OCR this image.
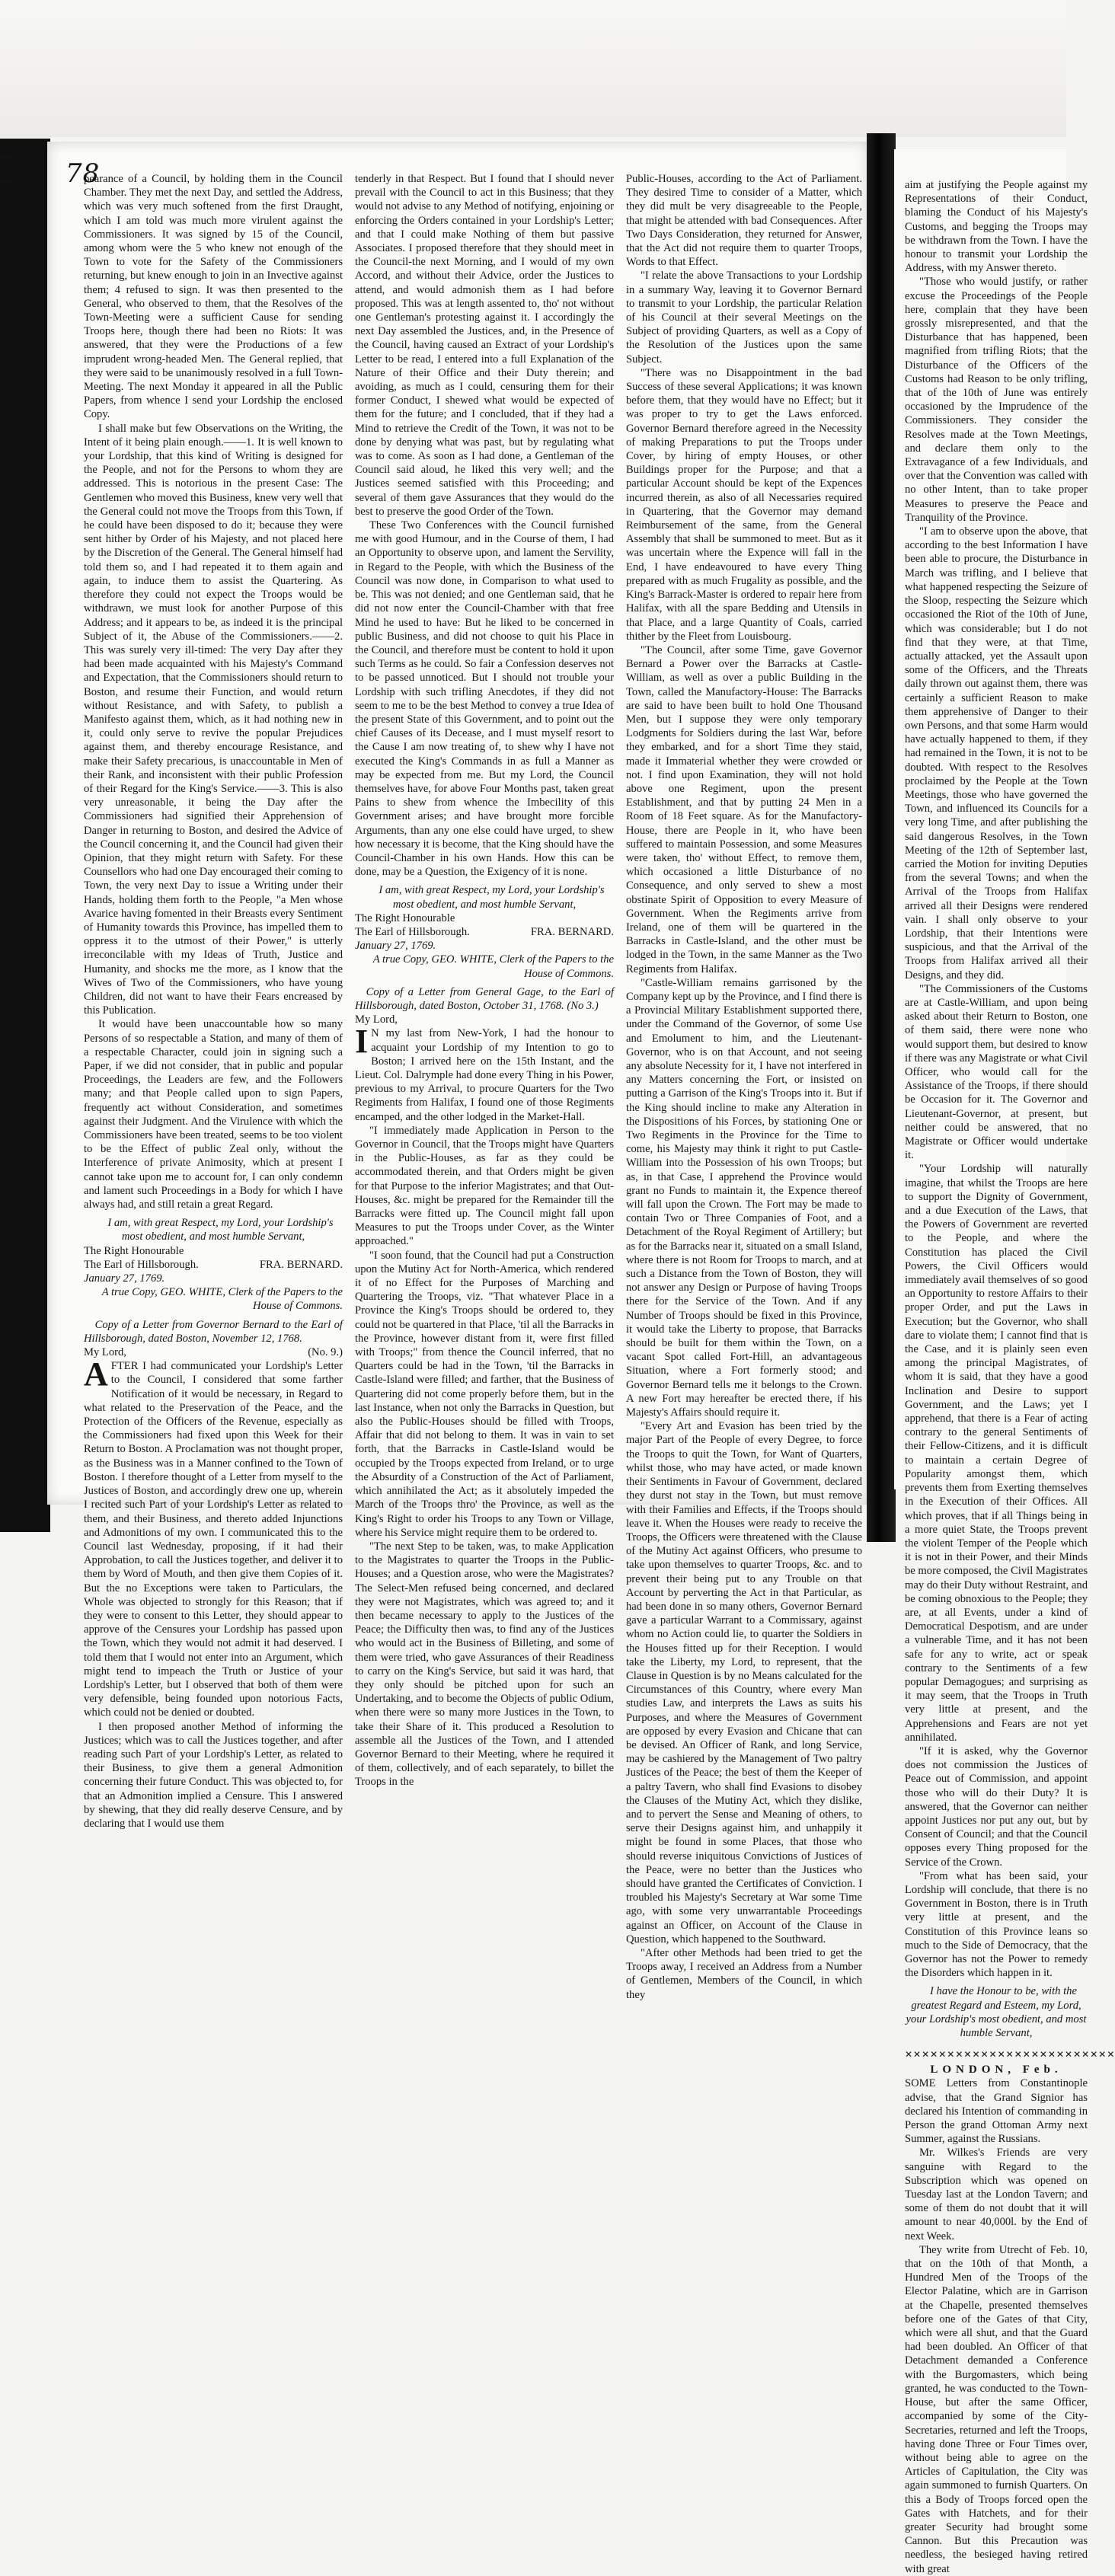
78

pearance of a Council, by holding them in the Council Chamber. They met the next Day, and settled the Address, which was very much softened from the first Draught, which I am told was much more virulent against the Commissioners. It was signed by 15 of the Council, among whom were the 5 who knew not enough of the Town to vote for the Safety of the Commissioners returning, but knew enough to join in an Invective against them; 4 refused to sign. It was then presented to the General, who observed to them, that the Resolves of the Town-Meeting were a sufficient Cause for sending Troops here, though there had been no Riots: It was answered, that they were the Productions of a few imprudent wrong-headed Men. The General replied, that they were said to be unanimously resolved in a full Town-Meeting. The next Monday it appeared in all the Public Papers, from whence I send your Lordship the enclosed Copy.

I shall make but few Observations on the Writing, the Intent of it being plain enough.——1. It is well known to your Lordship, that this kind of Writing is designed for the People, and not for the Persons to whom they are addressed. This is notorious in the present Case: The Gentlemen who moved this Business, knew very well that the General could not move the Troops from this Town, if he could have been disposed to do it; because they were sent hither by Order of his Majesty, and not placed here by the Discretion of the General. The General himself had told them so, and I had repeated it to them again and again, to induce them to assist the Quartering. As therefore they could not expect the Troops would be withdrawn, we must look for another Purpose of this Address; and it appears to be, as indeed it is the principal Subject of it, the Abuse of the Commissioners.——2. This was surely very ill-timed: The very Day after they had been made acquainted with his Majesty's Command and Expectation, that the Commissioners should return to Boston, and resume their Function, and would return without Resistance, and with Safety, to publish a Manifesto against them, which, as it had nothing new in it, could only serve to revive the popular Prejudices against them, and thereby encourage Resistance, and make their Safety precarious, is unaccountable in Men of their Rank, and inconsistent with their public Profession of their Regard for the King's Service.——3. This is also very unreasonable, it being the Day after the Commissioners had signified their Apprehension of Danger in returning to Boston, and desired the Advice of the Council concerning it, and the Council had given their Opinion, that they might return with Safety. For these Counsellors who had one Day encouraged their coming to Town, the very next Day to issue a Writing under their Hands, holding them forth to the People, "a Men whose Avarice having fomented in their Breasts every Sentiment of Humanity towards this Province, has impelled them to oppress it to the utmost of their Power," is utterly irreconcilable with my Ideas of Truth, Justice and Humanity, and shocks me the more, as I know that the Wives of Two of the Commissioners, who have young Children, did not want to have their Fears encreased by this Publication.

It would have been unaccountable how so many Persons of so respectable a Station, and many of them of a respectable Character, could join in signing such a Paper, if we did not consider, that in public and popular Proceedings, the Leaders are few, and the Followers many; and that People called upon to sign Papers, frequently act without Consideration, and sometimes against their Judgment. And the Virulence with which the Commissioners have been treated, seems to be too violent to be the Effect of public Zeal only, without the Interference of private Animosity, which at present I cannot take upon me to account for, I can only condemn and lament such Proceedings in a Body for which I have always had, and still retain a great Regard.

I am, with great Respect, my Lord, your Lordship's most obedient, and most humble Servant,

The Right Honourable

The Earl of Hillsborough.	FRA. BERNARD.

January 27, 1769.

A true Copy, GEO. WHITE, Clerk of the Papers to the House of Commons.

Copy of a Letter from Governor Bernard to the Earl of Hillsborough, dated Boston, November 12, 1768.

My Lord,	(No. 9.)

AFTER I had communicated your Lordship's Letter to the Council, I considered that some farther Notification of it would be necessary, in Regard to what related to the Preservation of the Peace, and the Protection of the Officers of the Revenue, especially as the Commissioners had fixed upon this Week for their Return to Boston. A Proclamation was not thought proper, as the Business was in a Manner confined to the Town of Boston. I therefore thought of a Letter from myself to the Justices of Boston, and accordingly drew one up, wherein I recited such Part of your Lordship's Letter as related to them, and their Business, and thereto added Injunctions and Admonitions of my own. I communicated this to the Council last Wednesday, proposing, if it had their Approbation, to call the Justices together, and deliver it to them by Word of Mouth, and then give them Copies of it. But the no Exceptions were taken to Particulars, the Whole was objected to strongly for this Reason; that if they were to consent to this Letter, they should appear to approve of the Censures your Lordship has passed upon the Town, which they would not admit it had deserved. I told them that I would not enter into an Argument, which might tend to impeach the Truth or Justice of your Lordship's Letter, but I observed that both of them were very defensible, being founded upon notorious Facts, which could not be denied or doubted.

I then proposed another Method of informing the Justices; which was to call the Justices together, and after reading such Part of your Lordship's Letter, as related to their Business, to give them a general Admonition concerning their future Conduct. This was objected to, for that an Admonition implied a Censure. This I answered by shewing, that they did really deserve Censure, and by declaring that I would use them

tenderly in that Respect. But I found that I should never prevail with the Council to act in this Business; that they would not advise to any Method of notifying, enjoining or enforcing the Orders contained in your Lordship's Letter; and that I could make Nothing of them but passive Associates. I proposed therefore that they should meet in the Council-the next Morning, and I would of my own Accord, and without their Advice, order the Justices to attend, and would admonish them as I had before proposed. This was at length assented to, tho' not without one Gentleman's protesting against it. I accordingly the next Day assembled the Justices, and, in the Presence of the Council, having caused an Extract of your Lordship's Letter to be read, I entered into a full Explanation of the Nature of their Office and their Duty therein; and avoiding, as much as I could, censuring them for their former Conduct, I shewed what would be expected of them for the future; and I concluded, that if they had a Mind to retrieve the Credit of the Town, it was not to be done by denying what was past, but by regulating what was to come. As soon as I had done, a Gentleman of the Council said aloud, he liked this very well; and the Justices seemed satisfied with this Proceeding; and several of them gave Assurances that they would do the best to preserve the good Order of the Town.

These Two Conferences with the Council furnished me with good Humour, and in the Course of them, I had an Opportunity to observe upon, and lament the Servility, in Regard to the People, with which the Business of the Council was now done, in Comparison to what used to be. This was not denied; and one Gentleman said, that he did not now enter the Council-Chamber with that free Mind he used to have: But he liked to be concerned in public Business, and did not choose to quit his Place in the Council, and therefore must be content to hold it upon such Terms as he could. So fair a Confession deserves not to be passed unnoticed. But I should not trouble your Lordship with such trifling Anecdotes, if they did not seem to me to be the best Method to convey a true Idea of the present State of this Government, and to point out the chief Causes of its Decease, and I must myself resort to the Cause I am now treating of, to shew why I have not executed the King's Commands in as full a Manner as may be expected from me. But my Lord, the Council themselves have, for above Four Months past, taken great Pains to shew from whence the Imbecility of this Government arises; and have brought more forcible Arguments, than any one else could have urged, to shew how necessary it is become, that the King should have the Council-Chamber in his own Hands. How this can be done, may be a Question, the Exigency of it is none.

I am, with great Respect, my Lord, your Lordship's most obedient, and most humble Servant,

The Right Honourable

The Earl of Hillsborough.	FRA. BERNARD.

January 27, 1769.

A true Copy, GEO. WHITE, Clerk of the Papers to the House of Commons.

Copy of a Letter from General Gage, to the Earl of Hillsborough, dated Boston, October 31, 1768. (No 3.)

My Lord,

I N my last from New-York, I had the honour to acquaint your Lordship of my Intention to go to Boston; I arrived here on the 15th Instant, and the Lieut. Col. Dalrymple had done every Thing in his Power, previous to my Arrival, to procure Quarters for the Two Regiments from Halifax, I found one of those Regiments encamped, and the other lodged in the Market-Hall.

"I immediately made Application in Person to the Governor in Council, that the Troops might have Quarters in the Public-Houses, as far as they could be accommodated therein, and that Orders might be given for that Purpose to the inferior Magistrates; and that Out-Houses, &c. might be prepared for the Remainder till the Barracks were fitted up. The Council might fall upon Measures to put the Troops under Cover, as the Winter approached."

"I soon found, that the Council had put a Construction upon the Mutiny Act for North-America, which rendered it of no Effect for the Purposes of Marching and Quartering the Troops, viz. "That whatever Place in a Province the King's Troops should be ordered to, they could not be quartered in that Place, 'til all the Barracks in the Province, however distant from it, were first filled with Troops;" from thence the Council inferred, that no Quarters could be had in the Town, 'til the Barracks in Castle-Island were filled; and farther, that the Business of Quartering did not come properly before them, but in the last Instance, when not only the Barracks in Question, but also the Public-Houses should be filled with Troops, Affair that did not belong to them. It was in vain to set forth, that the Barracks in Castle-Island would be occupied by the Troops expected from Ireland, or to urge the Absurdity of a Construction of the Act of Parliament, which annihilated the Act; as it absolutely impeded the March of the Troops thro' the Province, as well as the King's Right to order his Troops to any Town or Village, where his Service might require them to be ordered to.

"The next Step to be taken, was, to make Application to the Magistrates to quarter the Troops in the Public-Houses; and a Question arose, who were the Magistrates? The Select-Men refused being concerned, and declared they were not Magistrates, which was agreed to; and it then became necessary to apply to the Justices of the Peace; the Difficulty then was, to find any of the Justices who would act in the Business of Billeting, and some of them were tried, who gave Assurances of their Readiness to carry on the King's Service, but said it was hard, that they only should be pitched upon for such an Undertaking, and to become the Objects of public Odium, when there were so many more Justices in the Town, to take their Share of it. This produced a Resolution to assemble all the Justices of the Town, and I attended Governor Bernard to their Meeting, where he required it of them, collectively, and of each separately, to billet the Troops in the

Public-Houses, according to the Act of Parliament. They desired Time to consider of a Matter, which they did mult be very disagreeable to the People, that might be attended with bad Consequences. After Two Days Consideration, they returned for Answer, that the Act did not require them to quarter Troops, Words to that Effect.

"I relate the above Transactions to your Lordship in a summary Way, leaving it to Governor Bernard to transmit to your Lordship, the particular Relation of his Council at their several Meetings on the Subject of providing Quarters, as well as a Copy of the Resolution of the Justices upon the same Subject.

"There was no Disappointment in the bad Success of these several Applications; it was known before them, that they would have no Effect; but it was proper to try to get the Laws enforced. Governor Bernard therefore agreed in the Necessity of making Preparations to put the Troops under Cover, by hiring of empty Houses, or other Buildings proper for the Purpose; and that a particular Account should be kept of the Expences incurred therein, as also of all Necessaries required in Quartering, that the Governor may demand Reimbursement of the same, from the General Assembly that shall be summoned to meet. But as it was uncertain where the Expence will fall in the End, I have endeavoured to have every Thing prepared with as much Frugality as possible, and the King's Barrack-Master is ordered to repair here from Halifax, with all the spare Bedding and Utensils in that Place, and a large Quantity of Coals, carried thither by the Fleet from Louisbourg.

"The Council, after some Time, gave Governor Bernard a Power over the Barracks at Castle-William, as well as over a public Building in the Town, called the Manufactory-House: The Barracks are said to have been built to hold One Thousand Men, but I suppose they were only temporary Lodgments for Soldiers during the last War, before they embarked, and for a short Time they staid, made it Immaterial whether they were crowded or not. I find upon Examination, they will not hold above one Regiment, upon the present Establishment, and that by putting 24 Men in a Room of 18 Feet square. As for the Manufactory-House, there are People in it, who have been suffered to maintain Possession, and some Measures were taken, tho' without Effect, to remove them, which occasioned a little Disturbance of no Consequence, and only served to shew a most obstinate Spirit of Opposition to every Measure of Government. When the Regiments arrive from Ireland, one of them will be quartered in the Barracks in Castle-Island, and the other must be lodged in the Town, in the same Manner as the Two Regiments from Halifax.

"Castle-William remains garrisoned by the Company kept up by the Province, and I find there is a Provincial Military Establishment supported there, under the Command of the Governor, of some Use and Emolument to him, and the Lieutenant-Governor, who is on that Account, and not seeing any absolute Necessity for it, I have not interfered in any Matters concerning the Fort, or insisted on putting a Garrison of the King's Troops into it. But if the King should incline to make any Alteration in the Dispositions of his Forces, by stationing One or Two Regiments in the Province for the Time to come, his Majesty may think it right to put Castle-William into the Possession of his own Troops; but as, in that Case, I apprehend the Province would grant no Funds to maintain it, the Expence thereof will fall upon the Crown. The Fort may be made to contain Two or Three Companies of Foot, and a Detachment of the Royal Regiment of Artillery; but as for the Barracks near it, situated on a small Island, where there is not Room for Troops to march, and at such a Distance from the Town of Boston, they will not answer any Design or Purpose of having Troops there for the Service of the Town. And if any Number of Troops should be fixed in this Province, it would take the Liberty to propose, that Barracks should be built for them within the Town, on a vacant Spot called Fort-Hill, an advantageous Situation, where a Fort formerly stood; and Governor Bernard tells me it belongs to the Crown. A new Fort may hereafter be erected there, if his Majesty's Affairs should require it.

"Every Art and Evasion has been tried by the major Part of the People of every Degree, to force the Troops to quit the Town, for Want of Quarters, whilst those, who may have acted, or made known their Sentiments in Favour of Government, declared they durst not stay in the Town, but must remove with their Families and Effects, if the Troops should leave it. When the Houses were ready to receive the Troops, the Officers were threatened with the Clause of the Mutiny Act against Officers, who presume to take upon themselves to quarter Troops, &c. and to prevent their being put to any Trouble on that Account by perverting the Act in that Particular, as had been done in so many others, Governor Bernard gave a particular Warrant to a Commissary, against whom no Action could lie, to quarter the Soldiers in the Houses fitted up for their Reception. I would take the Liberty, my Lord, to represent, that the Clause in Question is by no Means calculated for the Circumstances of this Country, where every Man studies Law, and interprets the Laws as suits his Purposes, and where the Measures of Government are opposed by every Evasion and Chicane that can be devised. An Officer of Rank, and long Service, may be cashiered by the Management of Two paltry Justices of the Peace; the best of them the Keeper of a paltry Tavern, who shall find Evasions to disobey the Clauses of the Mutiny Act, which they dislike, and to pervert the Sense and Meaning of others, to serve their Designs against him, and unhappily it might be found in some Places, that those who should reverse iniquitous Convictions of Justices of the Peace, were no better than the Justices who should have granted the Certificates of Conviction. I troubled his Majesty's Secretary at War some Time ago, with some very unwarrantable Proceedings against an Officer, on Account of the Clause in Question, which happened to the Southward.

"After other Methods had been tried to get the Troops away, I received an Address from a Number of Gentlemen, Members of the Council, in which they

aim at justifying the People against my Representations of their Conduct, blaming the Conduct of his Majesty's Customs, and begging the Troops may be withdrawn from the Town. I have the honour to transmit your Lordship the Address, with my Answer thereto.

"Those who would justify, or rather excuse the Proceedings of the People here, complain that they have been grossly misrepresented, and that the Disturbance that has happened, been magnified from trifling Riots; that the Disturbance of the Officers of the Customs had Reason to be only trifling, that of the 10th of June was entirely occasioned by the Imprudence of the Commissioners. They consider the Resolves made at the Town Meetings, and declare them only to the Extravagance of a few Individuals, and over that the Convention was called with no other Intent, than to take proper Measures to preserve the Peace and Tranquility of the Province.

"I am to observe upon the above, that according to the best Information I have been able to procure, the Disturbance in March was trifling, and I believe that what happened respecting the Seizure of the Sloop, respecting the Seizure which occasioned the Riot of the 10th of June, which was considerable; but I do not find that they were, at that Time, actually attacked, yet the Assault upon some of the Officers, and the Threats daily thrown out against them, there was certainly a sufficient Reason to make them apprehensive of Danger to their own Persons, and that some Harm would have actually happened to them, if they had remained in the Town, it is not to be doubted. With respect to the Resolves proclaimed by the People at the Town Meetings, those who have governed the Town, and influenced its Councils for a very long Time, and after publishing the said dangerous Resolves, in the Town Meeting of the 12th of September last, carried the Motion for inviting Deputies from the several Towns; and when the Arrival of the Troops from Halifax arrived all their Designs were rendered vain. I shall only observe to your Lordship, that their Intentions were suspicious, and that the Arrival of the Troops from Halifax arrived all their Designs, and they did.

"The Commissioners of the Customs are at Castle-William, and upon being asked about their Return to Boston, one of them said, there were none who would support them, but desired to know if there was any Magistrate or what Civil Officer, who would call for the Assistance of the Troops, if there should be Occasion for it. The Governor and Lieutenant-Governor, at present, but neither could be answered, that no Magistrate or Officer would undertake it.

"Your Lordship will naturally imagine, that whilst the Troops are here to support the Dignity of Government, and a due Execution of the Laws, that the Powers of Government are reverted to the People, and where the Constitution has placed the Civil Powers, the Civil Officers would immediately avail themselves of so good an Opportunity to restore Affairs to their proper Order, and put the Laws in Execution; but the Governor, who shall dare to violate them; I cannot find that is the Case, and it is plainly seen even among the principal Magistrates, of whom it is said, that they have a good Inclination and Desire to support Government, and the Laws; yet I apprehend, that there is a Fear of acting contrary to the general Sentiments of their Fellow-Citizens, and it is difficult to maintain a certain Degree of Popularity amongst them, which prevents them from Exerting themselves in the Execution of their Offices. All which proves, that if all Things being in a more quiet State, the Troops prevent the violent Temper of the People which it is not in their Power, and their Minds be more composed, the Civil Magistrates may do their Duty without Restraint, and be coming obnoxious to the People; they are, at all Events, under a kind of Democratical Despotism, and are under a vulnerable Time, and it has not been safe for any to write, act or speak contrary to the Sentiments of a few popular Demagogues; and surprising as it may seem, that the Troops in Truth very little at present, and the Apprehensions and Fears are not yet annihilated.

"If it is asked, why the Governor does not commission the Justices of Peace out of Commission, and appoint those who will do their Duty? It is answered, that the Governor can neither appoint Justices nor put any out, but by Consent of Council; and that the Council opposes every Thing proposed for the Service of the Crown.

"From what has been said, your Lordship will conclude, that there is no Government in Boston, there is in Truth very little at present, and the Constitution of this Province leans so much to the Side of Democracy, that the Governor has not the Power to remedy the Disorders which happen in it.

I have the Honour to be, with the greatest Regard and Esteem, my Lord, your Lordship's most obedient, and most humble Servant,

✕✕✕✕✕✕✕✕✕✕✕✕✕✕✕✕✕✕✕✕✕✕✕✕✕
LONDON, Feb.

SOME Letters from Constantinople advise, that the Grand Signior has declared his Intention of commanding in Person the grand Ottoman Army next Summer, against the Russians.

Mr. Wilkes's Friends are very sanguine with Regard to the Subscription which was opened on Tuesday last at the London Tavern; and some of them do not doubt that it will amount to near 40,000l. by the End of next Week.

They write from Utrecht of Feb. 10, that on the 10th of that Month, a Hundred Men of the Troops of the Elector Palatine, which are in Garrison at the Chapelle, presented themselves before one of the Gates of that City, which were all shut, and that the Guard had been doubled. An Officer of that Detachment demanded a Conference with the Burgomasters, which being granted, he was conducted to the Town-House, but after the same Officer, accompanied by some of the City-Secretaries, returned and left the Troops, having done Three or Four Times over, without being able to agree on the Articles of Capitulation, the City was again summoned to furnish Quarters. On this a Body of Troops forced open the Gates with Hatchets, and for their greater Security had brought some Cannon. But this Precaution was needless, the besieged having retired with great
